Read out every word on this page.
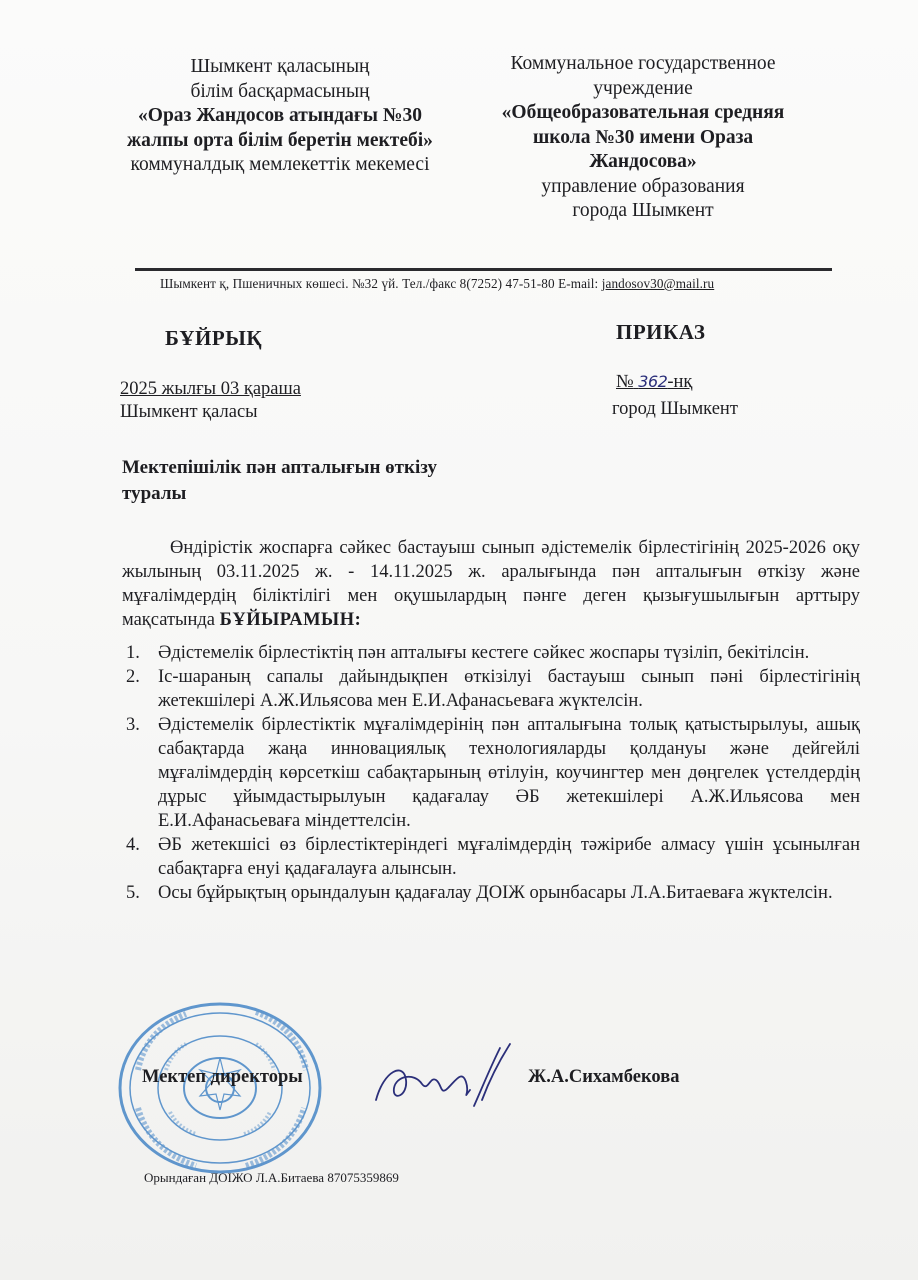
Шымкент қаласының
білім басқармасының
«Ораз Жандосов атындағы №30 жалпы орта білім беретін мектебі»
коммуналдық мемлекеттік мекемесі
Коммунальное государственное учреждение
«Общеобразовательная средняя школа №30 имени Ораза Жандосова»
управление образования
города Шымкент
Шымкент қ, Пшеничных көшесі. №32 үй. Тел./факс 8(7252) 47-51-80 E-mail: jandosov30@mail.ru
БҰЙРЫҚ	ПРИКАЗ
2025 жылғы 03 қараша
Шымкент қаласы
№ 362-нқ
город Шымкент
Мектепішілік пән апталығын өткізу туралы
Өндірістік жоспарға сәйкес бастауыш сынып әдістемелік бірлестігінің 2025-2026 оқу жылының 03.11.2025 ж. - 14.11.2025 ж. аралығында пән апталығын өткізу және мұғалімдердің біліктілігі мен оқушылардың пәнге деген қызығушылығын арттыру мақсатында БҰЙЫРАМЫН:
1. Әдістемелік бірлестіктің пән апталығы кестеге сәйкес жоспары түзіліп, бекітілсін.
2. Іс-шараның сапалы дайындықпен өткізілуі бастауыш сынып пәні бірлестігінің жетекшілері А.Ж.Ильясова мен Е.И.Афанасьеваға жүктелсін.
3. Әдістемелік бірлестіктік мұғалімдерінің пән апталығына толық қатыстырылуы, ашық сабақтарда жаңа инновациялық технологияларды қолдануы және дейгейлі мұғалімдердің көрсеткіш сабақтарының өтілуін, коучингтер мен дөңгелек үстелдердің дұрыс ұйымдастырылуын қадағалау ӘБ жетекшілері А.Ж.Ильясова мен Е.И.Афанасьеваға міндеттелсін.
4. ӘБ жетекшісі өз бірлестіктеріндегі мұғалімдердің тәжірибе алмасу үшін ұсынылған сабақтарға енуі қадағалауға алынсын.
5. Осы бұйрықтың орындалуын қадағалау ДОІЖ орынбасары Л.А.Битаеваға жүктелсін.
Мектеп директоры	Ж.А.Сихамбекова
Орындаған ДОІЖО Л.А.Битаева 87075359869
